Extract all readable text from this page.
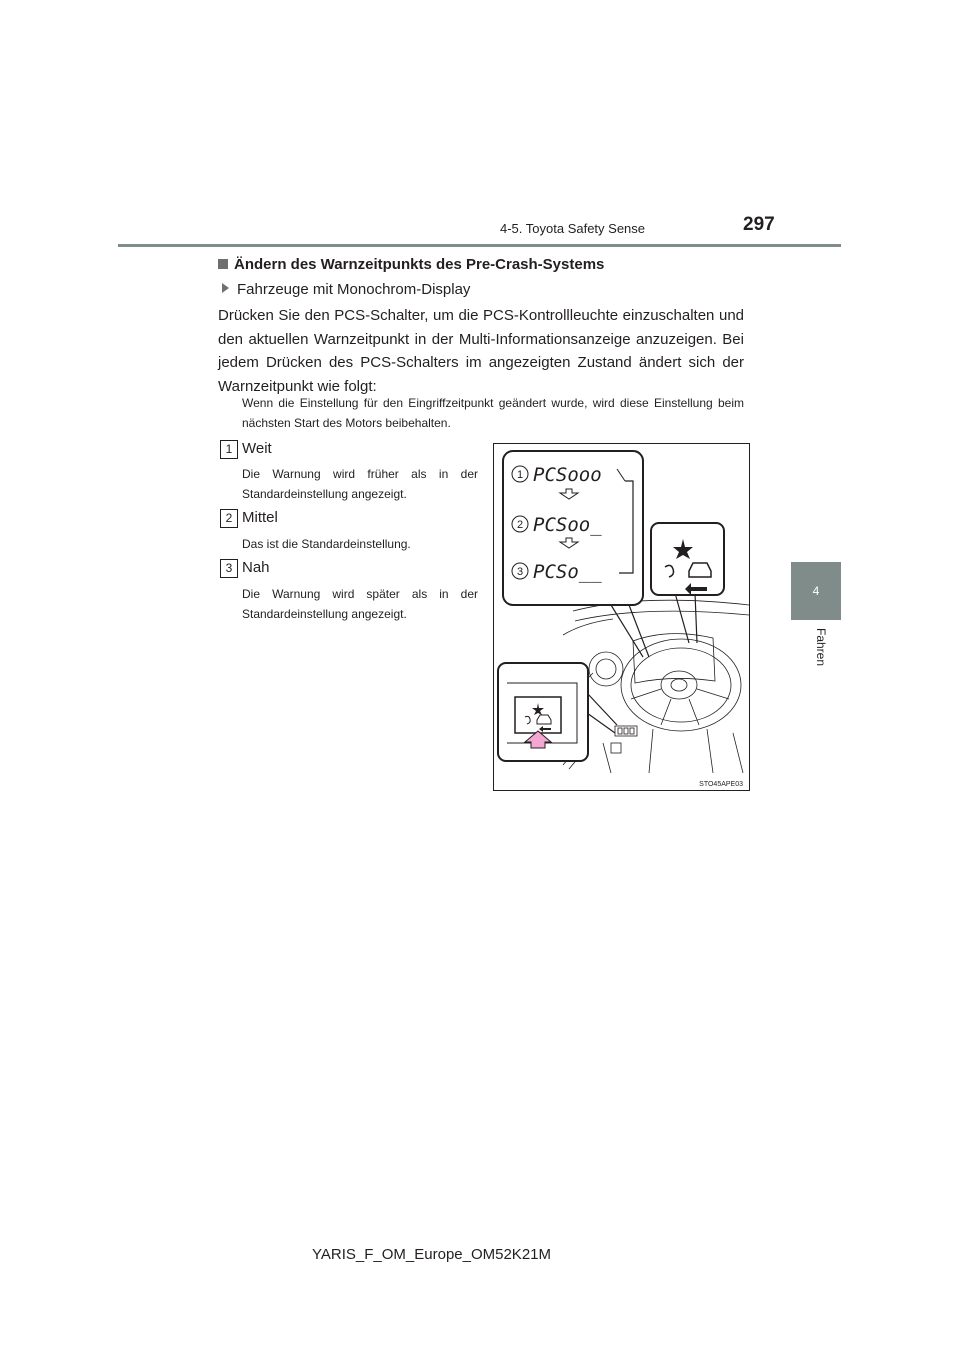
4-5. Toyota Safety Sense	297
4
Fahren
Ändern des Warnzeitpunkts des Pre-Crash-Systems
Fahrzeuge mit Monochrom-Display
Drücken Sie den PCS-Schalter, um die PCS-Kontrollleuchte einzuschalten und den aktuellen Warnzeitpunkt in der Multi-Informationsanzeige anzuzeigen. Bei jedem Drücken des PCS-Schalters im angezeigten Zustand ändert sich der Warnzeitpunkt wie folgt:
Wenn die Einstellung für den Eingriffzeitpunkt geändert wurde, wird diese Einstellung beim nächsten Start des Motors beibehalten.
1 Weit
Die Warnung wird früher als in der Standardeinstellung angezeigt.
2 Mittel
Das ist die Standardeinstellung.
3 Nah
Die Warnung wird später als in der Standardeinstellung angezeigt.
1
2
3
PCSooo
PCSoo_
PCSo__
STO45APE03
YARIS_F_OM_Europe_OM52K21M
